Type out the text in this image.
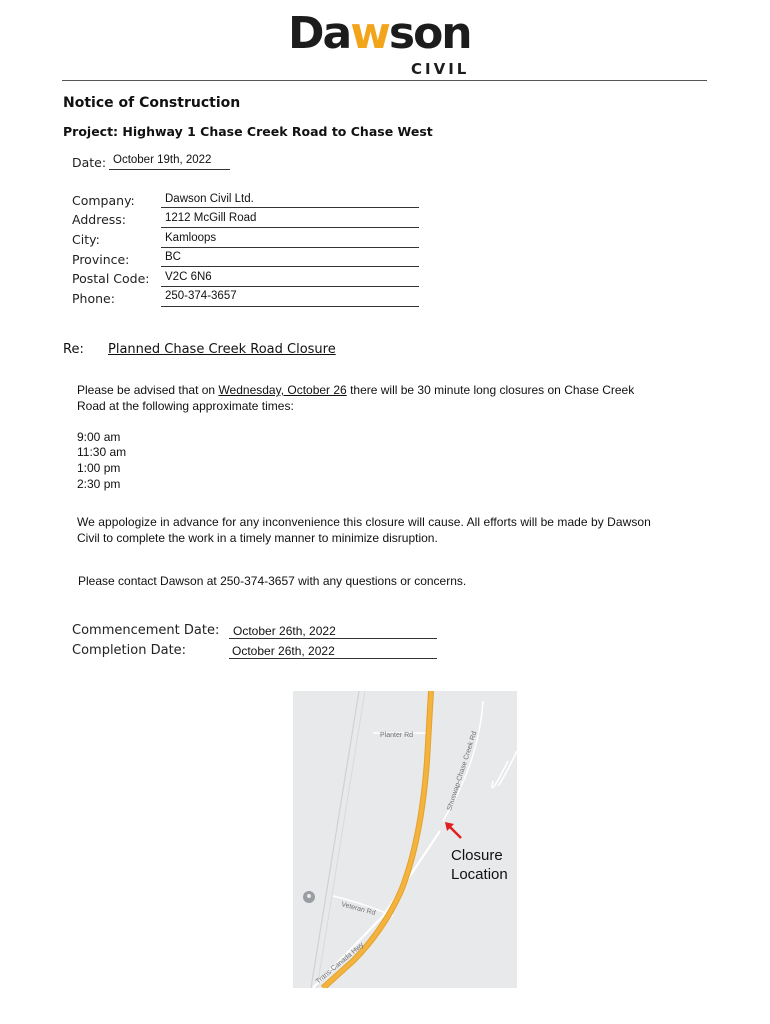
Dawson
CIVIL
Notice of Construction
Project: Highway 1 Chase Creek Road to Chase West
Date: October 19th, 2022
Company:	Dawson Civil Ltd.
Address:	1212 McGill Road
City:	Kamloops
Province:	BC
Postal Code: V2C 6N6
Phone:	250-374-3657
Re: Planned Chase Creek Road Closure
Please be advised that on Wednesday, October 26 there will be 30 minute long closures on Chase Creek
Road at the following approximate times:
9:00 am
11:30 am
1:00 pm
2:30 pm
We appologize in advance for any inconvenience this closure will cause. All efforts will be made by Dawson
Civil to complete the work in a timely manner to minimize disruption.
Please contact Dawson at 250-374-3657 with any questions or concerns.
Commencement Date: October 26th, 2022
Completion Date:	October 26th, 2022
Planter Rd	Shuswap-Chase Creek Rd
Veteran Rd
Trans-Canada Hwy
Closure
Location
